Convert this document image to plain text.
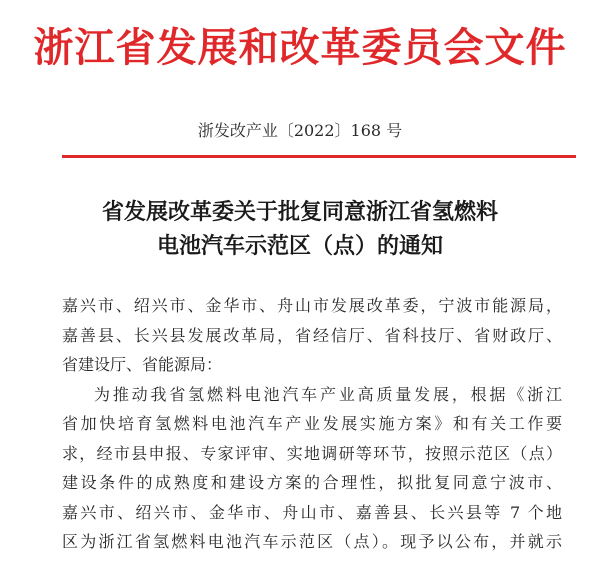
浙江省发展和改革委员会文件
浙发改产业〔2022〕168 号
省发展改革委关于批复同意浙江省氢燃料
电池汽车示范区（点）的通知
嘉兴市、绍兴市、金华市、舟山市发展改革委，宁波市能源局，
嘉善县、长兴县发展改革局，省经信厅、省科技厅、省财政厅、
省建设厅、省能源局：
为推动我省氢燃料电池汽车产业高质量发展，根据《浙江
省加快培育氢燃料电池汽车产业发展实施方案》和有关工作要
求，经市县申报、专家评审、实地调研等环节，按照示范区（点）
建设条件的成熟度和建设方案的合理性，拟批复同意宁波市、
嘉兴市、绍兴市、金华市、舟山市、嘉善县、长兴县等 7 个地
区为浙江省氢燃料电池汽车示范区（点）。现予以公布，并就示
